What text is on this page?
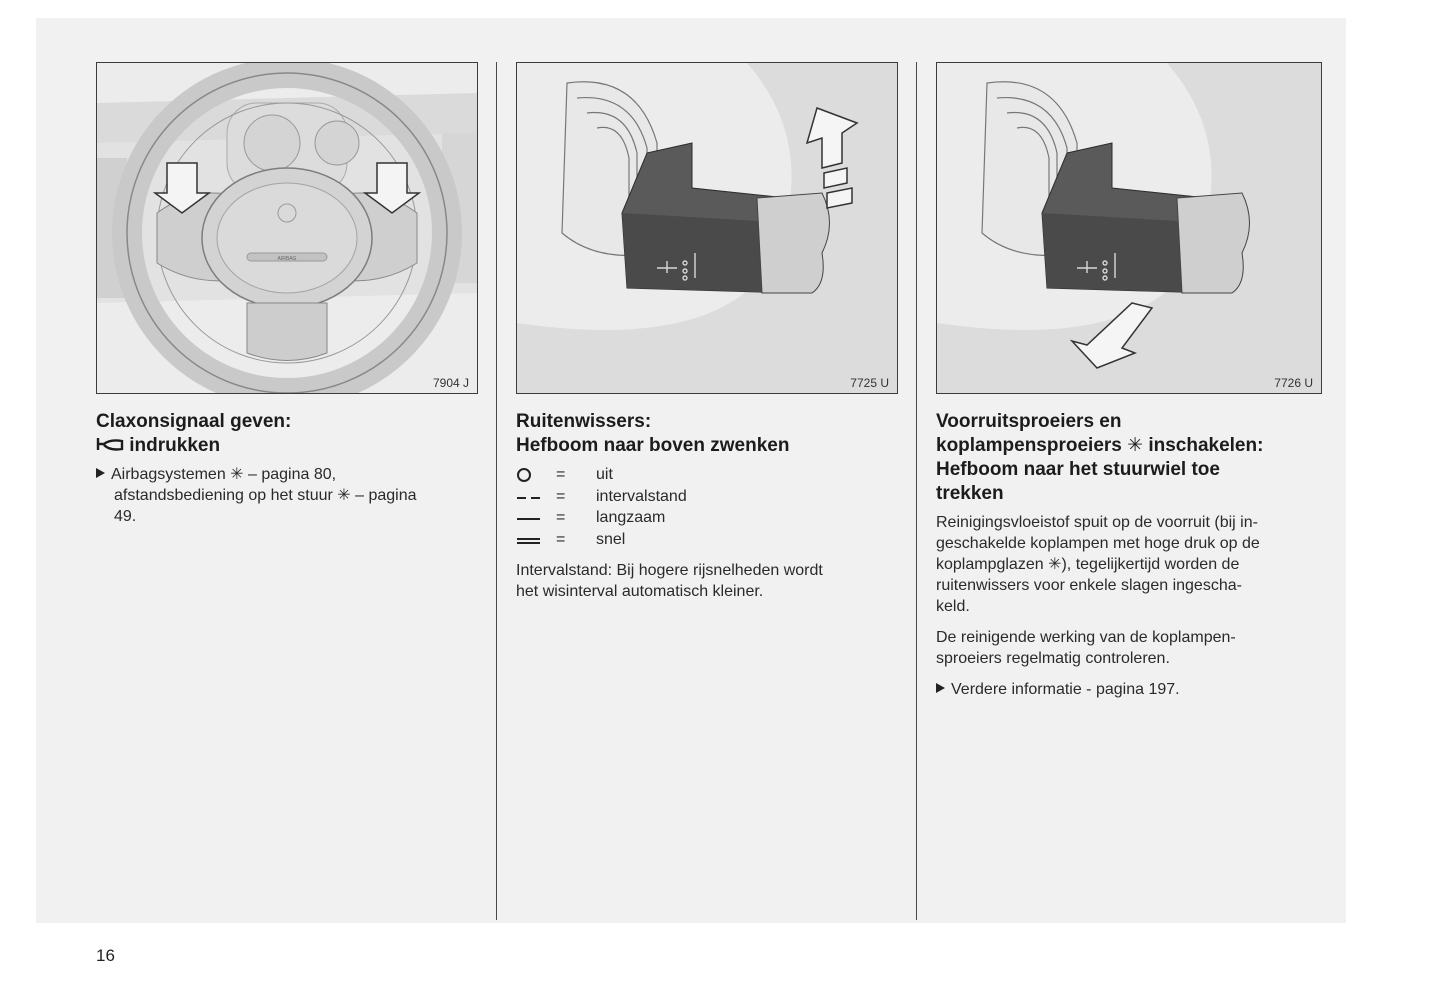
AIRBAG
7904 J	7725 U	7726 U
Claxonsignaal geven:
indrukken
Airbagsystemen ✳ – pagina 80,
afstandsbediening op het stuur ✳ – pagina
49.
Ruitenwissers:
Hefboom naar boven zwenken
= uit
= intervalstand
= langzaam
= snel

Intervalstand: Bij hogere rijsnelheden wordt
het wisinterval automatisch kleiner.

Voorruitsproeiers en
koplampensproeiers ✳ inschakelen:
Hefboom naar het stuurwiel toe
trekken

Reinigingsvloeistof spuit op de voorruit (bij in-
geschakelde koplampen met hoge druk op de
koplampglazen ✳), tegelijkertijd worden de
ruitenwissers voor enkele slagen ingescha-
keld.

De reinigende werking van de koplampen-
sproeiers regelmatig controleren.

Verdere informatie - pagina 197.
16
